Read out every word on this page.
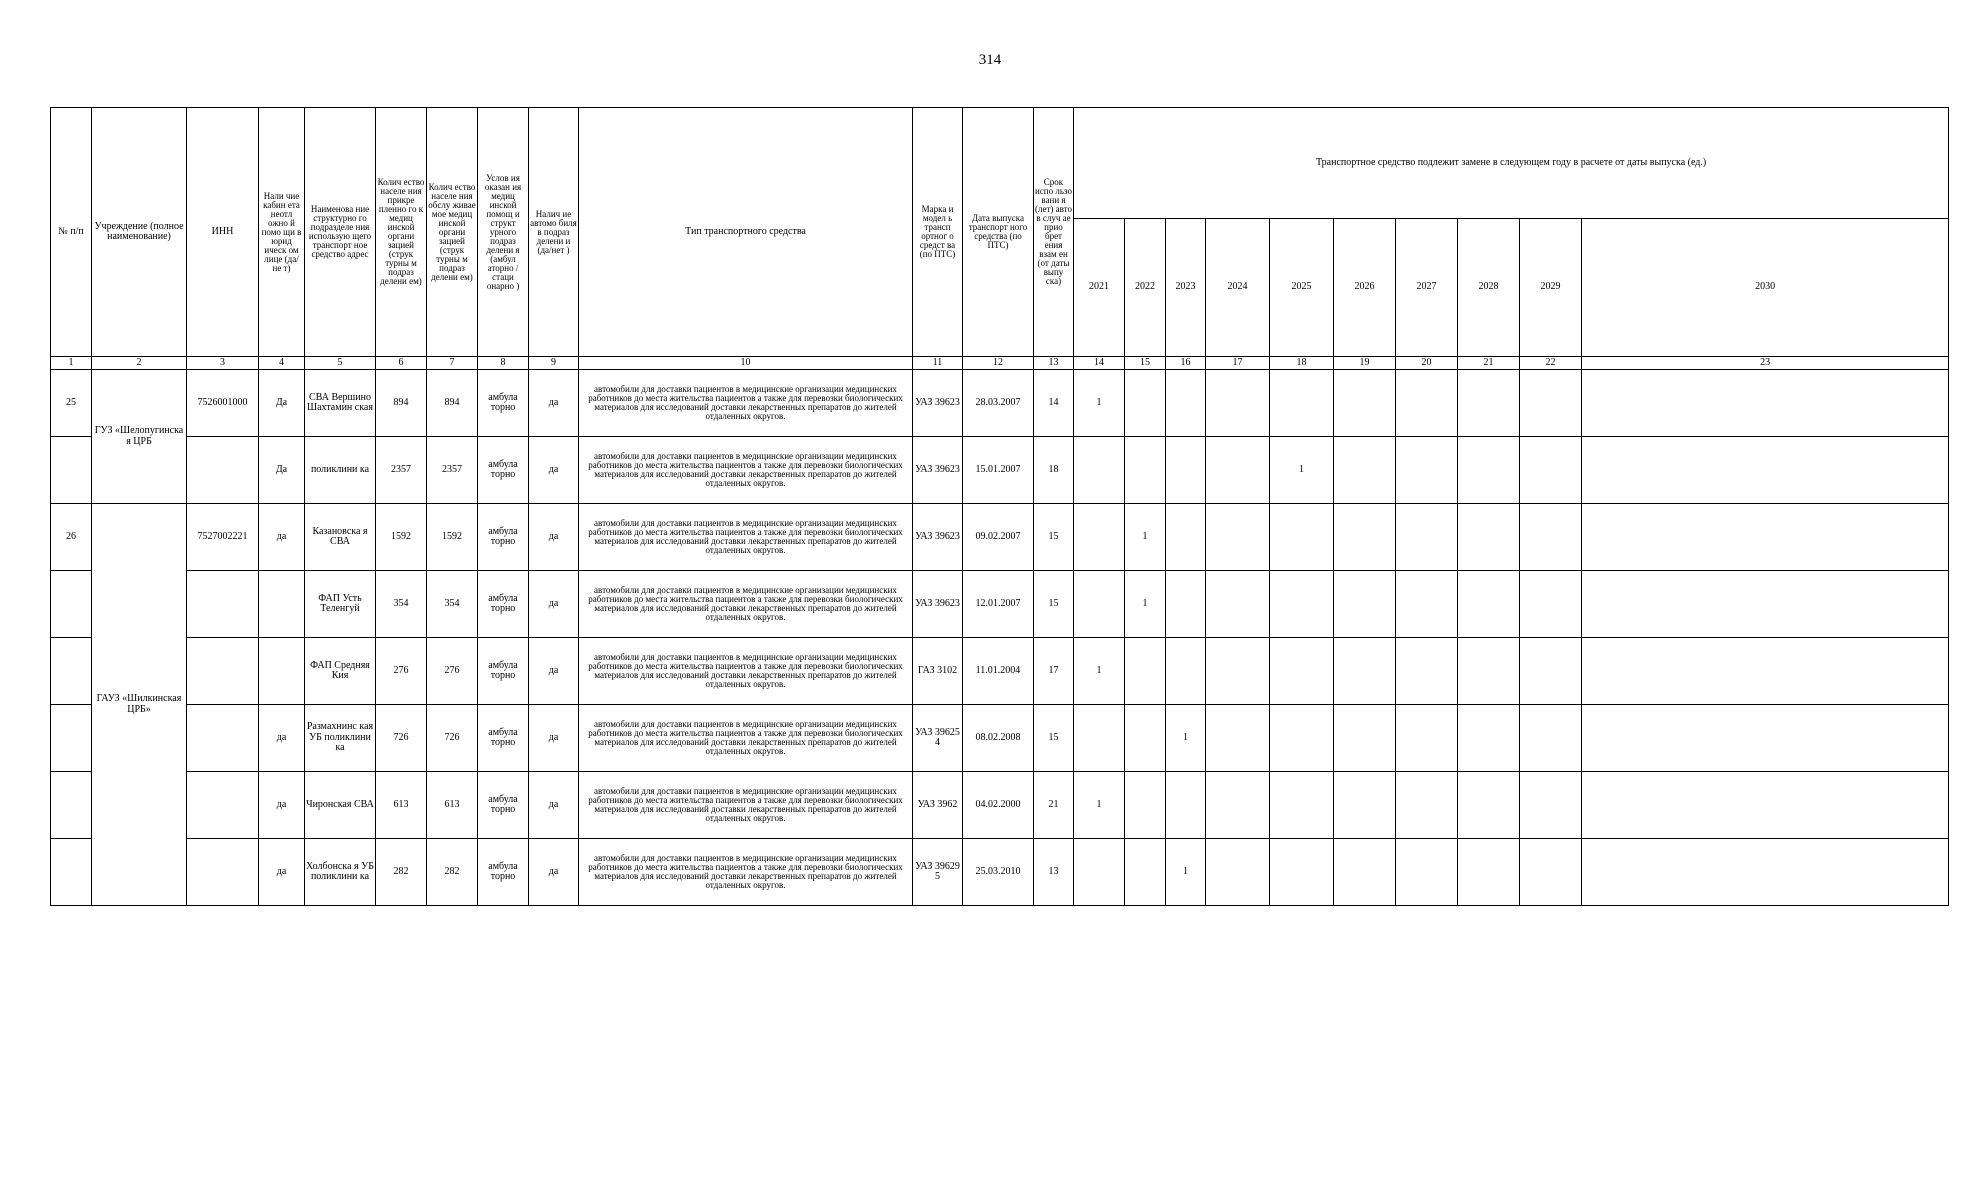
314
№ п/п	Учреждение (полное наименование)	ИНН	Нали чие кабин ета неотл ожно й помо щи в юрид ическ ом лице (да/не т)	Наименова ние структурно го подразделе ния использую щего транспорт ное средство адрес	Колич ество населе ния прикре пленно го к медиц инской органи зацией (струк турны м подраз делени ем)	Колич ество населе ния обслу живае мое медиц инской органи зацией (струк турны м подраз делени ем)	Услов ия оказан ия медиц инской помощ и структ урного подраз делени я (амбул аторно /стаци онарно )	Налич ие автомо биля в подраз делени и (да/нет )	Тип транспортного средства	Марка и модел ь трансп ортног о средст ва (по ПТС)	Дата выпуска транспорт ного средства (по ПТС)	Срок испо льзо вани я (лет) авто в случ ае прио брет ения взам ен (от даты выпу ска)	Транспортное средство подлежит замене в следующем году в расчете от даты выпуска (ед.)									
													2021	2022	2023	2024	2025	2026	2027	2028	2029	2030
1	2	3	4	5	6	7	8	9	10	11	12	13	14	15	16	17	18	19	20	21	22	23
25	ГУЗ «Шелопугинска я ЦРБ	7526001000	Да	СВА Вершино Шахтамин ская	894	894	амбула торно	да	автомобили для доставки пациентов в медицинские организации медицинских работников до места жительства пациентов а также для перевозки биологических материалов для исследований доставки лекарственных препаратов до жителей отдаленных округов.	УАЗ 39623	28.03.2007	14	1									
			Да	поликлини ка	2357	2357	амбула торно	да	автомобили для доставки пациентов в медицинские организации медицинских работников до места жительства пациентов а также для перевозки биологических материалов для исследований доставки лекарственных препаратов до жителей отдаленных округов.	УАЗ 39623	15.01.2007	18					1					
26	ГАУЗ «Шилкинская ЦРБ»	7527002221	да	Казановска я СВА	1592	1592	амбула торно	да	автомобили для доставки пациентов в медицинские организации медицинских работников до места жительства пациентов а также для перевозки биологических материалов для исследований доставки лекарственных препаратов до жителей отдаленных округов.	УАЗ 39623	09.02.2007	15		1								
				ФАП Усть Теленгуй	354	354	амбула торно	да	автомобили для доставки пациентов в медицинские организации медицинских работников до места жительства пациентов а также для перевозки биологических материалов для исследований доставки лекарственных препаратов до жителей отдаленных округов.	УАЗ 39623	12.01.2007	15		1								
				ФАП Средняя Кия	276	276	амбула торно	да	автомобили для доставки пациентов в медицинские организации медицинских работников до места жительства пациентов а также для перевозки биологических материалов для исследований доставки лекарственных препаратов до жителей отдаленных округов.	ГАЗ 3102	11.01.2004	17	1									
			да	Размахнинс кая УБ поликлини ка	726	726	амбула торно	да	автомобили для доставки пациентов в медицинские организации медицинских работников до места жительства пациентов а также для перевозки биологических материалов для исследований доставки лекарственных препаратов до жителей отдаленных округов.	УАЗ 39625 4	08.02.2008	15			1							
			да	Чиронская СВА	613	613	амбула торно	да	автомобили для доставки пациентов в медицинские организации медицинских работников до места жительства пациентов а также для перевозки биологических материалов для исследований доставки лекарственных препаратов до жителей отдаленных округов.	УАЗ 3962	04.02.2000	21	1									
			да	Холбонска я УБ поликлини ка	282	282	амбула торно	да	автомобили для доставки пациентов в медицинские организации медицинских работников до места жительства пациентов а также для перевозки биологических материалов для исследований доставки лекарственных препаратов до жителей отдаленных округов.	УАЗ 39629 5	25.03.2010	13			1							
